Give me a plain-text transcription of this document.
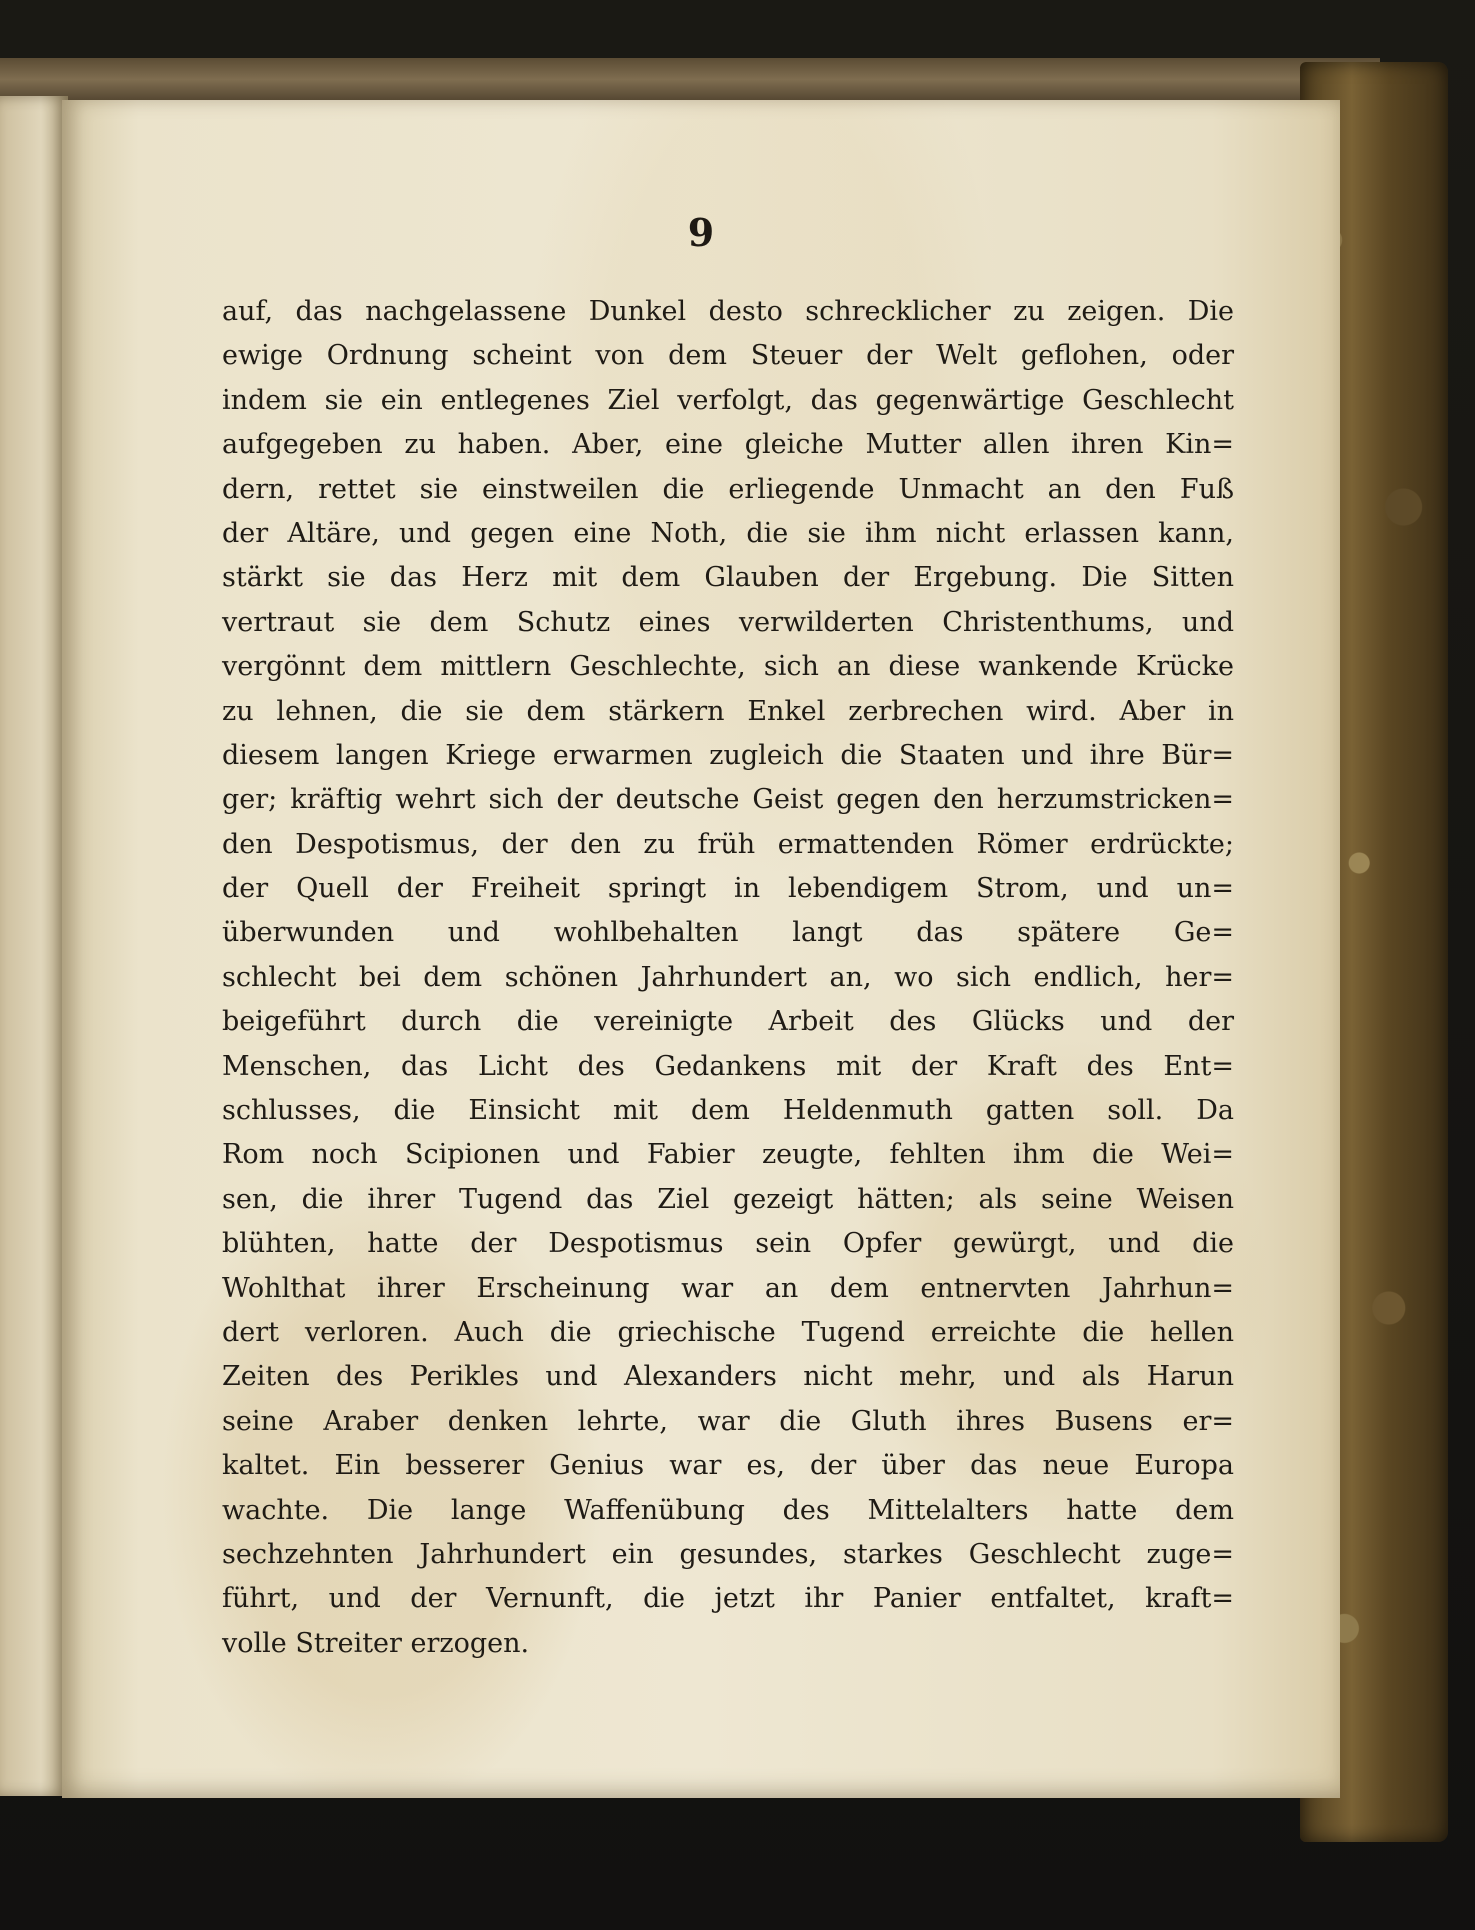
9

auf, das nachgelassene Dunkel desto schrecklicher zu zeigen. Die
ewige Ordnung scheint von dem Steuer der Welt geflohen, oder
indem sie ein entlegenes Ziel verfolgt, das gegenwärtige Geschlecht
aufgegeben zu haben. Aber, eine gleiche Mutter allen ihren Kin=
dern, rettet sie einstweilen die erliegende Unmacht an den Fuß
der Altäre, und gegen eine Noth, die sie ihm nicht erlassen kann,
stärkt sie das Herz mit dem Glauben der Ergebung. Die Sitten
vertraut sie dem Schutz eines verwilderten Christenthums, und
vergönnt dem mittlern Geschlechte, sich an diese wankende Krücke
zu lehnen, die sie dem stärkern Enkel zerbrechen wird. Aber in
diesem langen Kriege erwarmen zugleich die Staaten und ihre Bür=
ger; kräftig wehrt sich der deutsche Geist gegen den herzumstricken=
den Despotismus, der den zu früh ermattenden Römer erdrückte;
der Quell der Freiheit springt in lebendigem Strom, und un=
überwunden und wohlbehalten langt das spätere Ge=
schlecht bei dem schönen Jahrhundert an, wo sich endlich, her=
beigeführt durch die vereinigte Arbeit des Glücks und der
Menschen, das Licht des Gedankens mit der Kraft des Ent=
schlusses, die Einsicht mit dem Heldenmuth gatten soll. Da
Rom noch Scipionen und Fabier zeugte, fehlten ihm die Wei=
sen, die ihrer Tugend das Ziel gezeigt hätten; als seine Weisen
blühten, hatte der Despotismus sein Opfer gewürgt, und die
Wohlthat ihrer Erscheinung war an dem entnervten Jahrhun=
dert verloren. Auch die griechische Tugend erreichte die hellen
Zeiten des Perikles und Alexanders nicht mehr, und als Harun
seine Araber denken lehrte, war die Gluth ihres Busens er=
kaltet. Ein besserer Genius war es, der über das neue Europa
wachte. Die lange Waffenübung des Mittelalters hatte dem
sechzehnten Jahrhundert ein gesundes, starkes Geschlecht zuge=
führt, und der Vernunft, die jetzt ihr Panier entfaltet, kraft=
volle Streiter erzogen.
